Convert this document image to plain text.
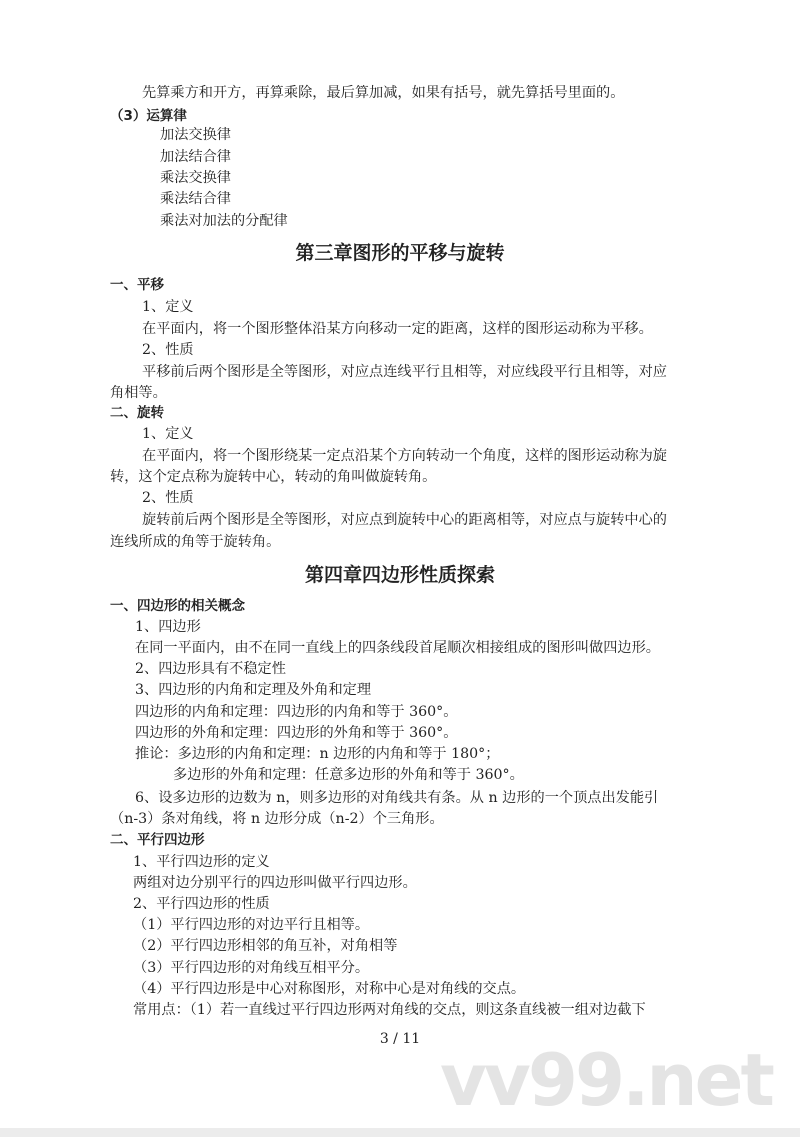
vv99.net
先算乘方和开方，再算乘除，最后算加减，如果有括号，就先算括号里面的。
（3）运算律
加法交换律
加法结合律
乘法交换律
乘法结合律
乘法对加法的分配律
第三章图形的平移与旋转
一、平移
1、定义
在平面内，将一个图形整体沿某方向移动一定的距离，这样的图形运动称为平移。
2、性质
平移前后两个图形是全等图形，对应点连线平行且相等，对应线段平行且相等，对应
角相等。
二、旋转
1、定义
在平面内，将一个图形绕某一定点沿某个方向转动一个角度，这样的图形运动称为旋
转，这个定点称为旋转中心，转动的角叫做旋转角。
2、性质
旋转前后两个图形是全等图形，对应点到旋转中心的距离相等，对应点与旋转中心的
连线所成的角等于旋转角。
第四章四边形性质探索
一、四边形的相关概念
1、四边形
在同一平面内，由不在同一直线上的四条线段首尾顺次相接组成的图形叫做四边形。
2、四边形具有不稳定性
3、四边形的内角和定理及外角和定理
四边形的内角和定理：四边形的内角和等于 360°。
四边形的外角和定理：四边形的外角和等于 360°。
推论：多边形的内角和定理：n 边形的内角和等于 180°；
多边形的外角和定理：任意多边形的外角和等于 360°。
6、设多边形的边数为 n，则多边形的对角线共有条。从 n 边形的一个顶点出发能引
（n-3）条对角线，将 n 边形分成（n-2）个三角形。
二、平行四边形
1、平行四边形的定义
两组对边分别平行的四边形叫做平行四边形。
2、平行四边形的性质
（1）平行四边形的对边平行且相等。
（2）平行四边形相邻的角互补，对角相等
（3）平行四边形的对角线互相平分。
（4）平行四边形是中心对称图形，对称中心是对角线的交点。
常用点：（1）若一直线过平行四边形两对角线的交点，则这条直线被一组对边截下
3 / 11
